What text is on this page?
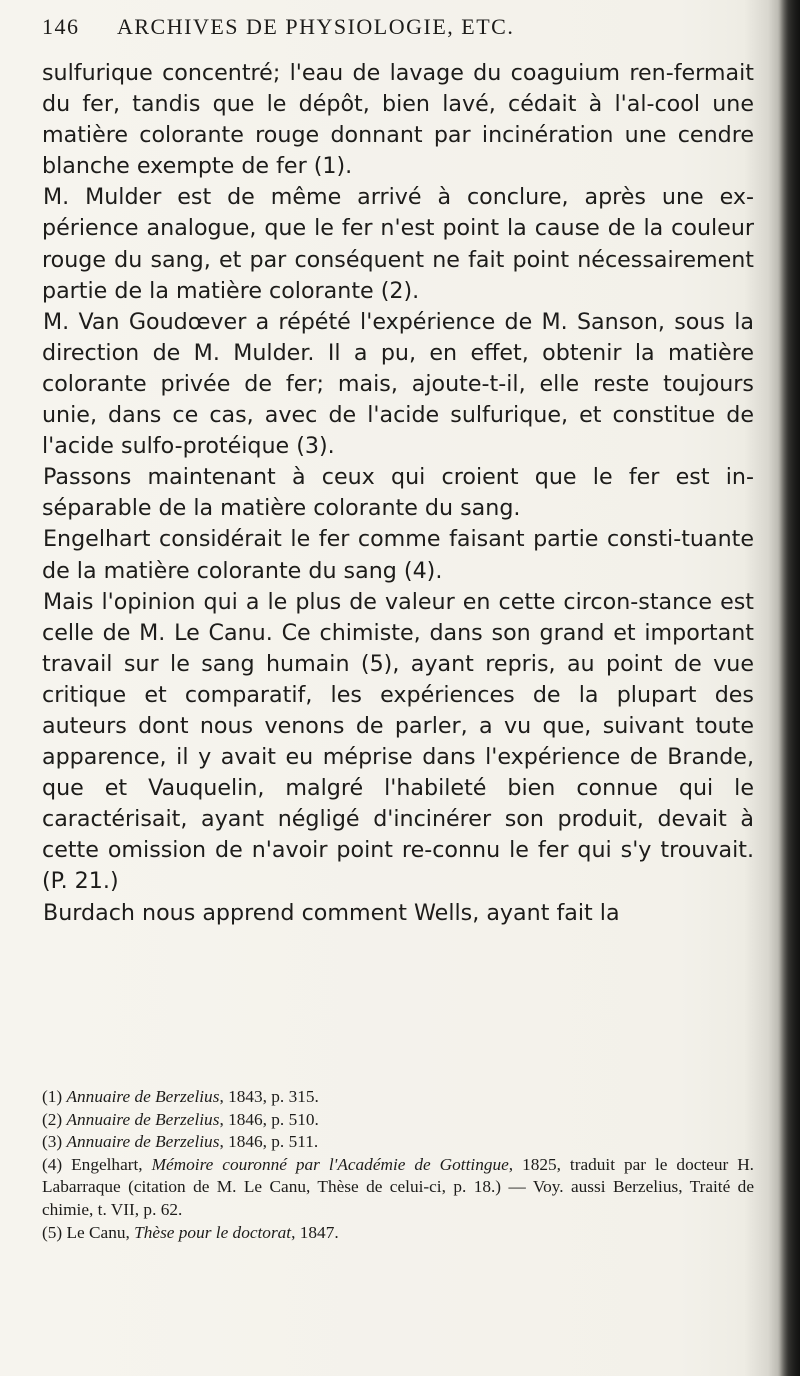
146 ARCHIVES DE PHYSIOLOGIE, ETC.

sulfurique concentré; l'eau de lavage du coaguium ren-fermait du fer, tandis que le dépôt, bien lavé, cédait à l'al-cool une matière colorante rouge donnant par incinération une cendre blanche exempte de fer (1).

M. Mulder est de même arrivé à conclure, après une ex-périence analogue, que le fer n'est point la cause de la couleur rouge du sang, et par conséquent ne fait point nécessairement partie de la matière colorante (2).

M. Van Goudœver a répété l'expérience de M. Sanson, sous la direction de M. Mulder. Il a pu, en effet, obtenir la matière colorante privée de fer; mais, ajoute-t-il, elle reste toujours unie, dans ce cas, avec de l'acide sulfurique, et constitue de l'acide sulfo-protéique (3).

Passons maintenant à ceux qui croient que le fer est in-séparable de la matière colorante du sang.

Engelhart considérait le fer comme faisant partie consti-tuante de la matière colorante du sang (4).

Mais l'opinion qui a le plus de valeur en cette circon-stance est celle de M. Le Canu. Ce chimiste, dans son grand et important travail sur le sang humain (5), ayant repris, au point de vue critique et comparatif, les expériences de la plupart des auteurs dont nous venons de parler, a vu que, suivant toute apparence, il y avait eu méprise dans l'expérience de Brande, que et Vauquelin, malgré l'habileté bien connue qui le caractérisait, ayant négligé d'incinérer son produit, devait à cette omission de n'avoir point re-connu le fer qui s'y trouvait. (P. 21.)

Burdach nous apprend comment Wells, ayant fait la

(1) Annuaire de Berzelius, 1843, p. 315.

(2) Annuaire de Berzelius, 1846, p. 510.

(3) Annuaire de Berzelius, 1846, p. 511.

(4) Engelhart, Mémoire couronné par l'Académie de Gottingue, 1825, traduit par le docteur H. Labarraque (citation de M. Le Canu, Thèse de celui-ci, p. 18.) — Voy. aussi Berzelius, Traité de chimie, t. VII, p. 62.

(5) Le Canu, Thèse pour le doctorat, 1847.
